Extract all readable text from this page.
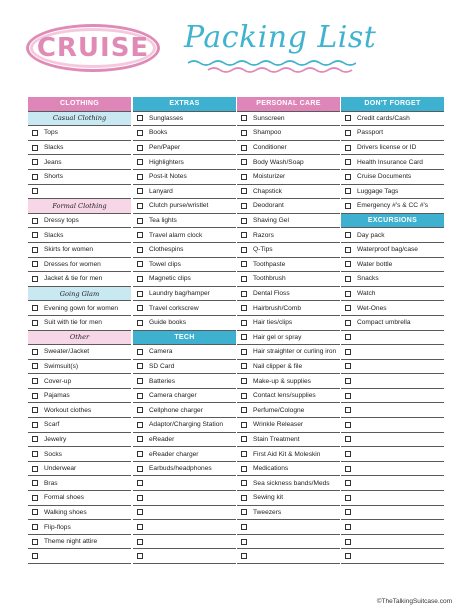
CRUISE Packing List
CLOTHING
Casual Clothing
Tops
Slacks
Jeans
Shorts
Formal Clothing
Dressy tops
Slacks
Skirts for women
Dresses for women
Jacket & tie for men
Going Glam
Evening gown for women
Suit with tie for men
Other
Sweater/Jacket
Swimsuit(s)
Cover-up
Pajamas
Workout clothes
Scarf
Jewelry
Socks
Underwear
Bras
Formal shoes
Walking shoes
Flip-flops
Theme night attire
EXTRAS
Sunglasses
Books
Pen/Paper
Highlighters
Post-it Notes
Lanyard
Clutch purse/wristlet
Tea lights
Travel alarm clock
Clothespins
Towel clips
Magnetic clips
Laundry bag/hamper
Travel corkscrew
Guide books
TECH
Camera
SD Card
Batteries
Camera charger
Cellphone charger
Adaptor/Charging Station
eReader
eReader charger
Earbuds/headphones
PERSONAL CARE
Sunscreen
Shampoo
Conditioner
Body Wash/Soap
Moisturizer
Chapstick
Deodorant
Shaving Gel
Razors
Q-Tips
Toothpaste
Toothbrush
Dental Floss
Hairbrush/Comb
Hair ties/clips
Hair gel or spray
Hair straighter or curling iron
Nail clipper & file
Make-up & supplies
Contact lens/supplies
Perfume/Cologne
Wrinkle Releaser
Stain Treatment
First Aid Kit & Moleskin
Medications
Sea sickness bands/Meds
Sewing kit
Tweezers
DON'T FORGET
Credit cards/Cash
Passport
Drivers license or ID
Health Insurance Card
Cruise Documents
Luggage Tags
Emergency #'s & CC #'s
EXCURSIONS
Day pack
Waterproof bag/case
Water bottle
Snacks
Watch
Wet-Ones
Compact umbrella
©TheTalkingSuitcase.com
